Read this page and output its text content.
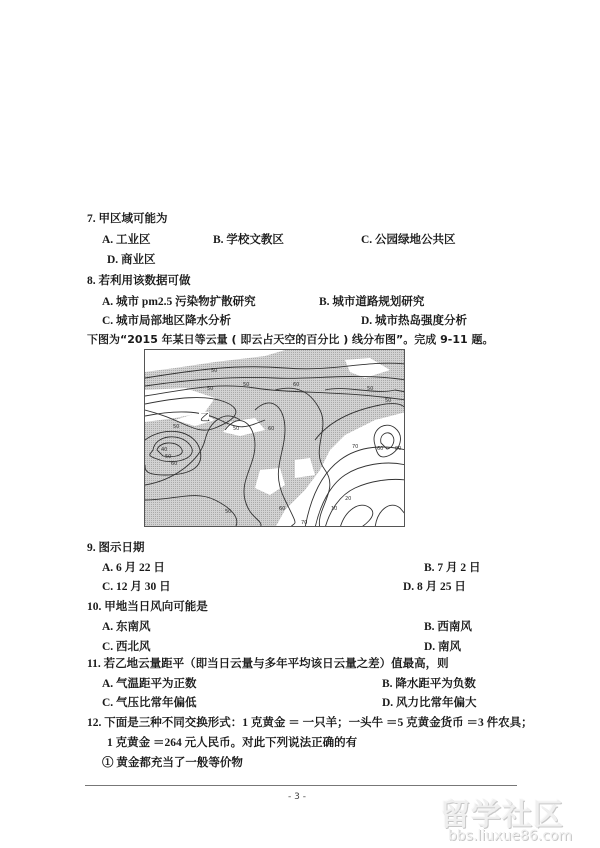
7. 甲区域可能为
A. 工业区	B. 学校文教区	C. 公园绿地公共区
D. 商业区
8. 若利用该数据可做
A. 城市 pm2.5 污染物扩散研究	B. 城市道路规划研究
C. 城市局部地区降水分析	D. 城市热岛强度分析
下图为“2015 年某日等云量 ( 即云占天空的百分比 ) 线分布图”。完成 9-11 题。
50
50
50
60
50
50
50	50	60
40
50
60
70	60 80
50	60
70
10
20
乙
9. 图示日期
A. 6 月 22 日	B. 7 月 2 日
C. 12 月 30 日	D. 8 月 25 日
10. 甲地当日风向可能是
A. 东南风	B. 西南风
C. 西北风	D. 南风
11. 若乙地云量距平（即当日云量与多年平均该日云量之差）值最高，则
A. 气温距平为正数	B. 降水距平为负数
C. 气压比常年偏低	D. 风力比常年偏大
12. 下面是三种不同交换形式：1 克黄金 ＝ 一只羊；一头牛 ＝5 克黄金货币 ＝3 件农具；
1 克黄金 ＝264 元人民币。对此下列说法正确的有
① 黄金都充当了一般等价物
- 3 -
留学社区
bbs.liuxue86.com
